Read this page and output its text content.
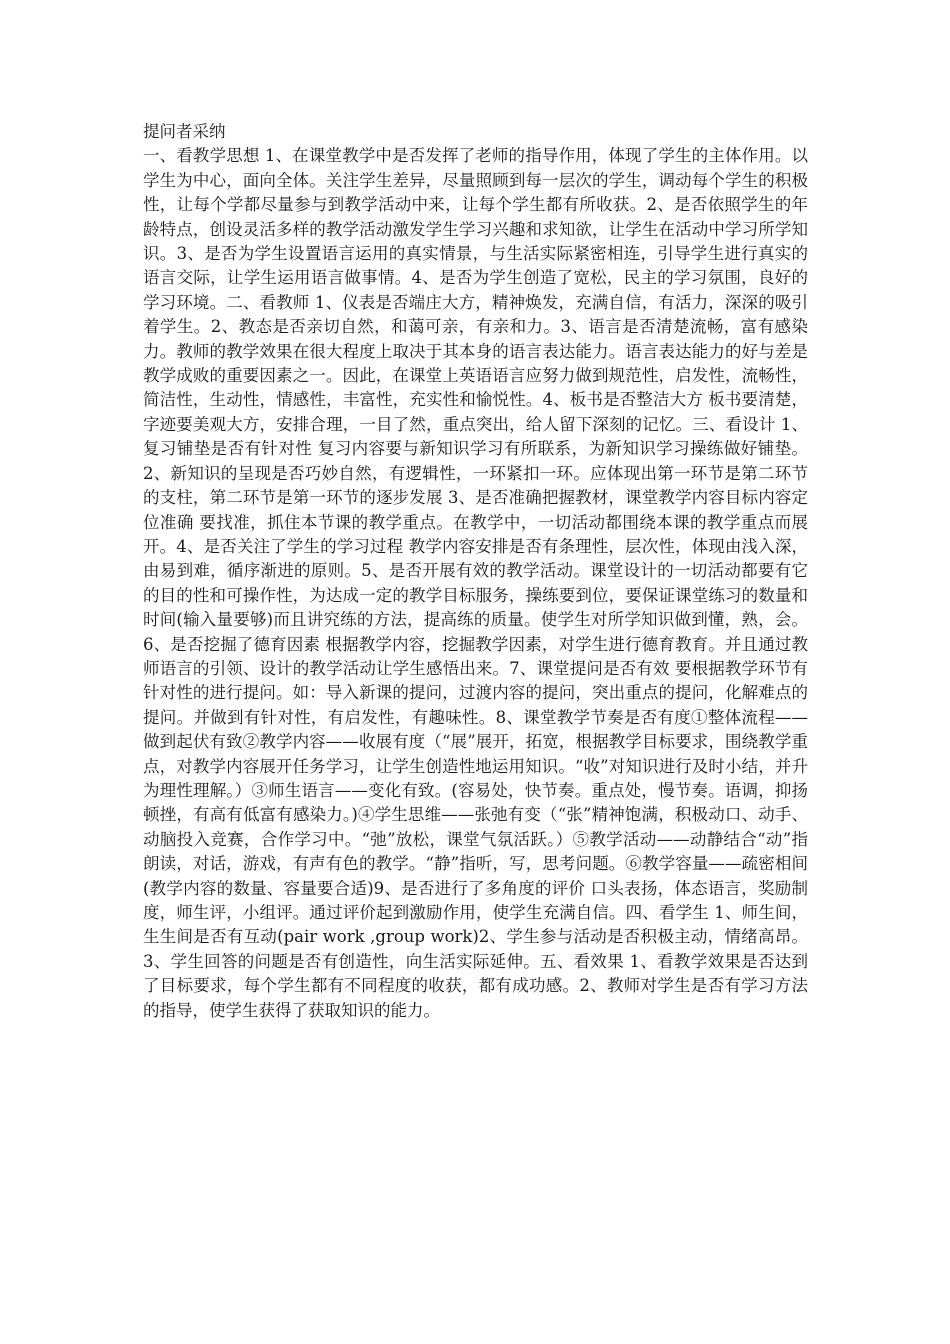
提问者采纳

一、看教学思想 1、在课堂教学中是否发挥了老师的指导作用，体现了学生的主体作用。以学生为中心，面向全体。关注学生差异，尽量照顾到每一层次的学生，调动每个学生的积极性，让每个学都尽量参与到教学活动中来，让每个学生都有所收获。2、是否依照学生的年龄特点，创设灵活多样的教学活动激发学生学习兴趣和求知欲，让学生在活动中学习所学知识。3、是否为学生设置语言运用的真实情景，与生活实际紧密相连，引导学生进行真实的语言交际，让学生运用语言做事情。4、是否为学生创造了宽松，民主的学习氛围，良好的学习环境。二、看教师 1、仪表是否端庄大方，精神焕发，充满自信，有活力，深深的吸引着学生。2、教态是否亲切自然，和蔼可亲，有亲和力。3、语言是否清楚流畅，富有感染力。教师的教学效果在很大程度上取决于其本身的语言表达能力。语言表达能力的好与差是教学成败的重要因素之一。因此，在课堂上英语语言应努力做到规范性，启发性，流畅性，简洁性，生动性，情感性，丰富性，充实性和愉悦性。4、板书是否整洁大方 板书要清楚，字迹要美观大方，安排合理，一目了然，重点突出，给人留下深刻的记忆。三、看设计 1、复习铺垫是否有针对性 复习内容要与新知识学习有所联系，为新知识学习操练做好铺垫。2、新知识的呈现是否巧妙自然，有逻辑性，一环紧扣一环。应体现出第一环节是第二环节的支柱，第二环节是第一环节的逐步发展 3、是否准确把握教材，课堂教学内容目标内容定位准确 要找准，抓住本节课的教学重点。在教学中，一切活动都围绕本课的教学重点而展开。4、是否关注了学生的学习过程 教学内容安排是否有条理性，层次性，体现由浅入深，由易到难，循序渐进的原则。5、是否开展有效的教学活动。课堂设计的一切活动都要有它的目的性和可操作性，为达成一定的教学目标服务，操练要到位，要保证课堂练习的数量和时间(输入量要够)而且讲究练的方法，提高练的质量。使学生对所学知识做到懂，熟，会。6、是否挖掘了德育因素 根据教学内容，挖掘教学因素，对学生进行德育教育。并且通过教师语言的引领、设计的教学活动让学生感悟出来。7、课堂提问是否有效 要根据教学环节有针对性的进行提问。如：导入新课的提问，过渡内容的提问，突出重点的提问，化解难点的提问。并做到有针对性，有启发性，有趣味性。8、课堂教学节奏是否有度①整体流程——做到起伏有致②教学内容——收展有度（“展”展开，拓宽，根据教学目标要求，围绕教学重点，对教学内容展开任务学习，让学生创造性地运用知识。“收”对知识进行及时小结，并升为理性理解。）③师生语言——变化有致。(容易处，快节奏。重点处，慢节奏。语调，抑扬顿挫，有高有低富有感染力。)④学生思维——张弛有变（“张”精神饱满，积极动口、动手、动脑投入竞赛，合作学习中。“弛”放松，课堂气氛活跃。）⑤教学活动——动静结合“动”指朗读，对话，游戏，有声有色的教学。“静”指听，写，思考问题。⑥教学容量——疏密相间(教学内容的数量、容量要合适)9、是否进行了多角度的评价 口头表扬，体态语言，奖励制度，师生评，小组评。通过评价起到激励作用，使学生充满自信。四、看学生 1、师生间，生生间是否有互动(pair work ,group work)2、学生参与活动是否积极主动，情绪高昂。3、学生回答的问题是否有创造性，向生活实际延伸。五、看效果 1、看教学效果是否达到了目标要求，每个学生都有不同程度的收获，都有成功感。2、教师对学生是否有学习方法的指导，使学生获得了获取知识的能力。
